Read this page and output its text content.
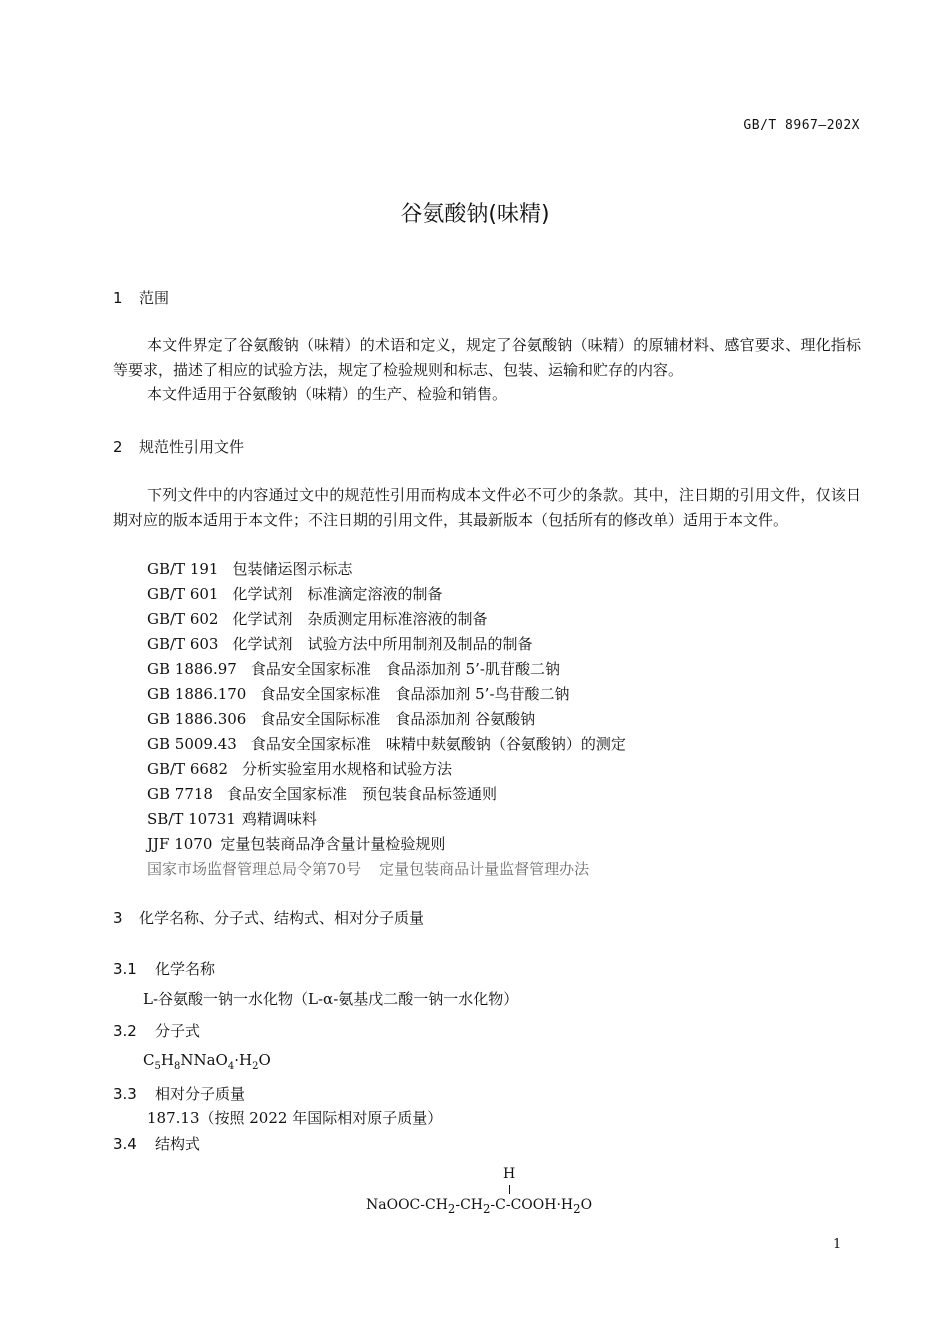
GB/T 8967—202X
谷氨酸钠(味精)
1 范围
本文件界定了谷氨酸钠（味精）的术语和定义，规定了谷氨酸钠（味精）的原辅材料、感官要求、理化指标等要求，描述了相应的试验方法，规定了检验规则和标志、包装、运输和贮存的内容。
本文件适用于谷氨酸钠（味精）的生产、检验和销售。
2 规范性引用文件
下列文件中的内容通过文中的规范性引用而构成本文件必不可少的条款。其中，注日期的引用文件，仅该日期对应的版本适用于本文件；不注日期的引用文件，其最新版本（包括所有的修改单）适用于本文件。
GB/T 191 包装储运图示标志
GB/T 601 化学试剂　标准滴定溶液的制备
GB/T 602 化学试剂　杂质测定用标准溶液的制备
GB/T 603 化学试剂　试验方法中所用制剂及制品的制备
GB 1886.97 食品安全国家标准　食品添加剂 5’-肌苷酸二钠
GB 1886.170 食品安全国家标准　食品添加剂 5’-鸟苷酸二钠
GB 1886.306 食品安全国际标准　食品添加剂 谷氨酸钠
GB 5009.43 食品安全国家标准　味精中麸氨酸钠（谷氨酸钠）的测定
GB/T 6682 分析实验室用水规格和试验方法
GB 7718 食品安全国家标准　预包装食品标签通则
SB/T 10731 鸡精调味料
JJF 1070 定量包装商品净含量计量检验规则
国家市场监督管理总局令第70号 定量包装商品计量监督管理办法
3 化学名称、分子式、结构式、相对分子质量
3.1 化学名称
L-谷氨酸一钠一水化物（L-α-氨基戊二酸一钠一水化物）
3.2 分子式
$C_5H_8NNaO_4\cdot H_2O$
3.3 相对分子质量
187.13（按照 2022 年国际相对原子质量）
3.4 结构式
H
NaOOC-$CH_2-CH_2-C-COOH\cdot H_2O$
1
